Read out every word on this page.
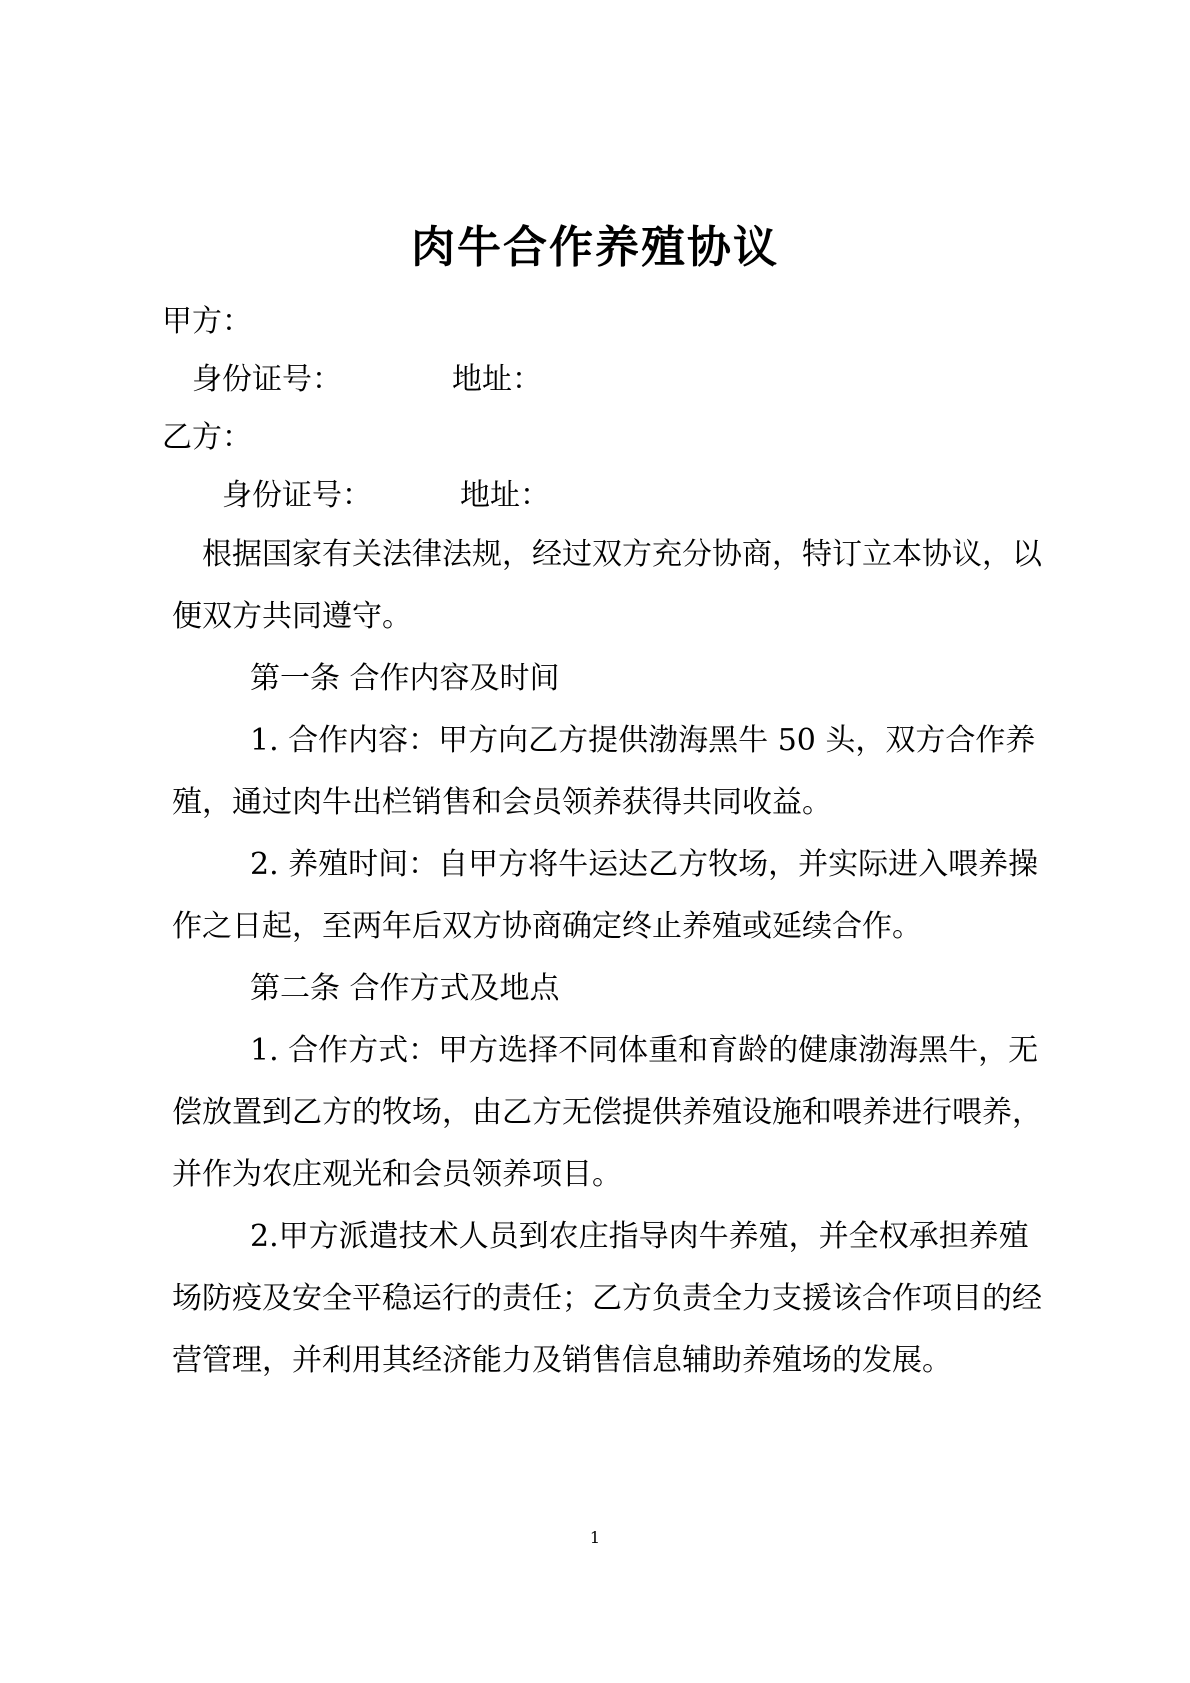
肉牛合作养殖协议
甲方：
身份证号：	地址：
乙方：
身份证号：	地址：

根据国家有关法律法规，经过双方充分协商，特订立本协议，以便双方共同遵守。

第一条 合作内容及时间

1. 合作内容：甲方向乙方提供渤海黑牛 50 头，双方合作养殖，通过肉牛出栏销售和会员领养获得共同收益。

2. 养殖时间：自甲方将牛运达乙方牧场，并实际进入喂养操作之日起，至两年后双方协商确定终止养殖或延续合作。

第二条 合作方式及地点

1. 合作方式：甲方选择不同体重和育龄的健康渤海黑牛，无偿放置到乙方的牧场，由乙方无偿提供养殖设施和喂养进行喂养，并作为农庄观光和会员领养项目。

2.甲方派遣技术人员到农庄指导肉牛养殖，并全权承担养殖场防疫及安全平稳运行的责任；乙方负责全力支援该合作项目的经营管理，并利用其经济能力及销售信息辅助养殖场的发展。

1
